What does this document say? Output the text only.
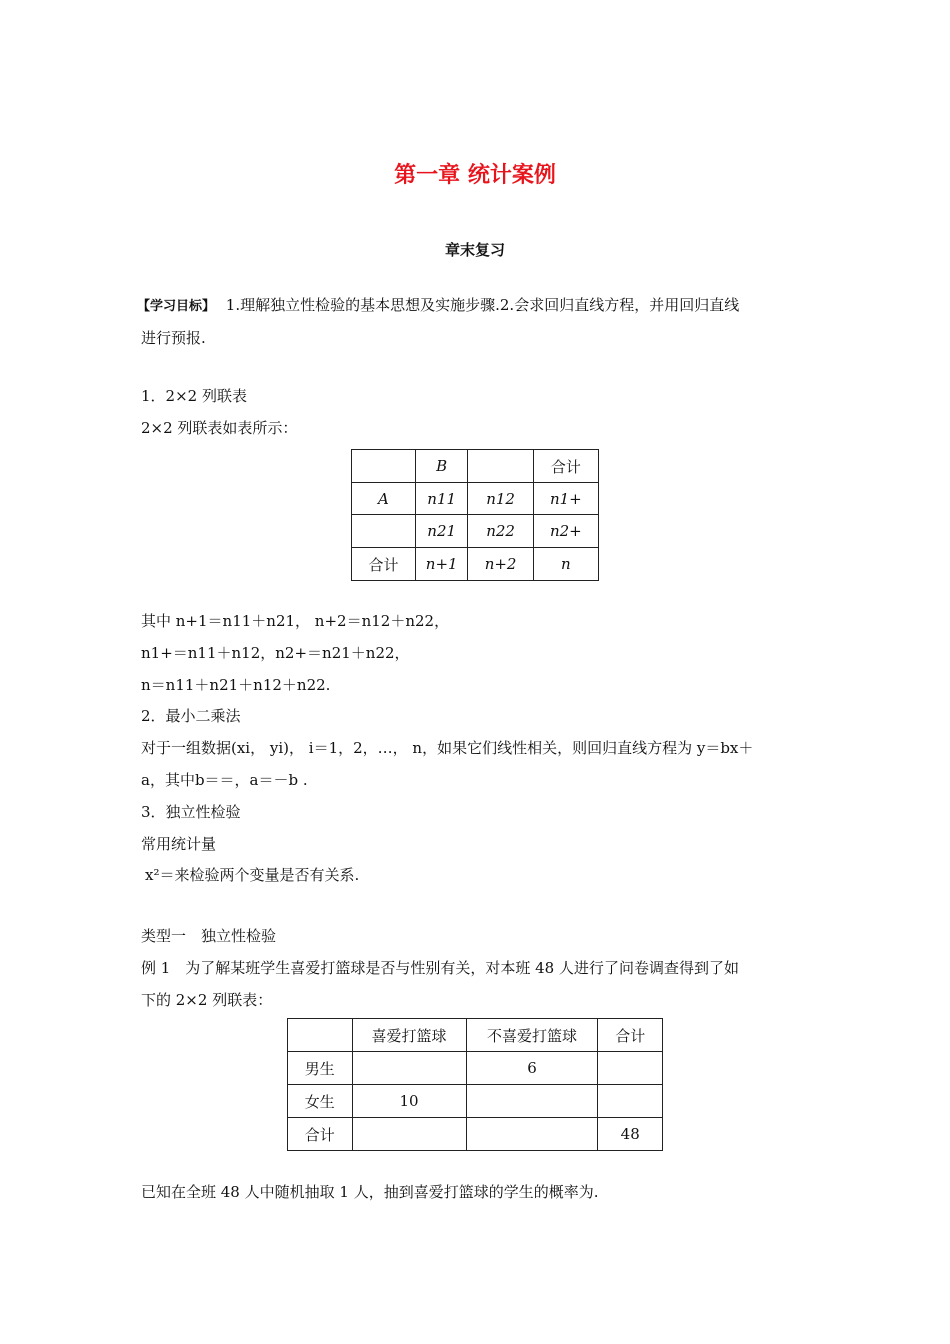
第一章 统计案例
章末复习
【学习目标】 1.理解独立性检验的基本思想及实施步骤.2.会求回归直线方程，并用回归直线
进行预报.
1．2×2 列联表
2×2 列联表如表所示：
	B		合计
A	n11	n12	n1+
	n21	n22	n2+
合计	n+1	n+2	n
其中 n+1＝n11＋n21， n+2＝n12＋n22，
n1+＝n11＋n12，n2+＝n21＋n22，
n＝n11＋n21＋n12＋n22.
2．最小二乘法
对于一组数据(xi， yi)， i＝1，2，…， n，如果它们线性相关，则回归直线方程为 y＝bx＋
a，其中b＝＝，a＝－b .
3．独立性检验
常用统计量
x²＝来检验两个变量是否有关系.
类型一　独立性检验
例 1　为了解某班学生喜爱打篮球是否与性别有关，对本班 48 人进行了问卷调查得到了如
下的 2×2 列联表：
	喜爱打篮球	不喜爱打篮球	合计
男生		6	
女生	10		
合计			48
已知在全班 48 人中随机抽取 1 人，抽到喜爱打篮球的学生的概率为.
